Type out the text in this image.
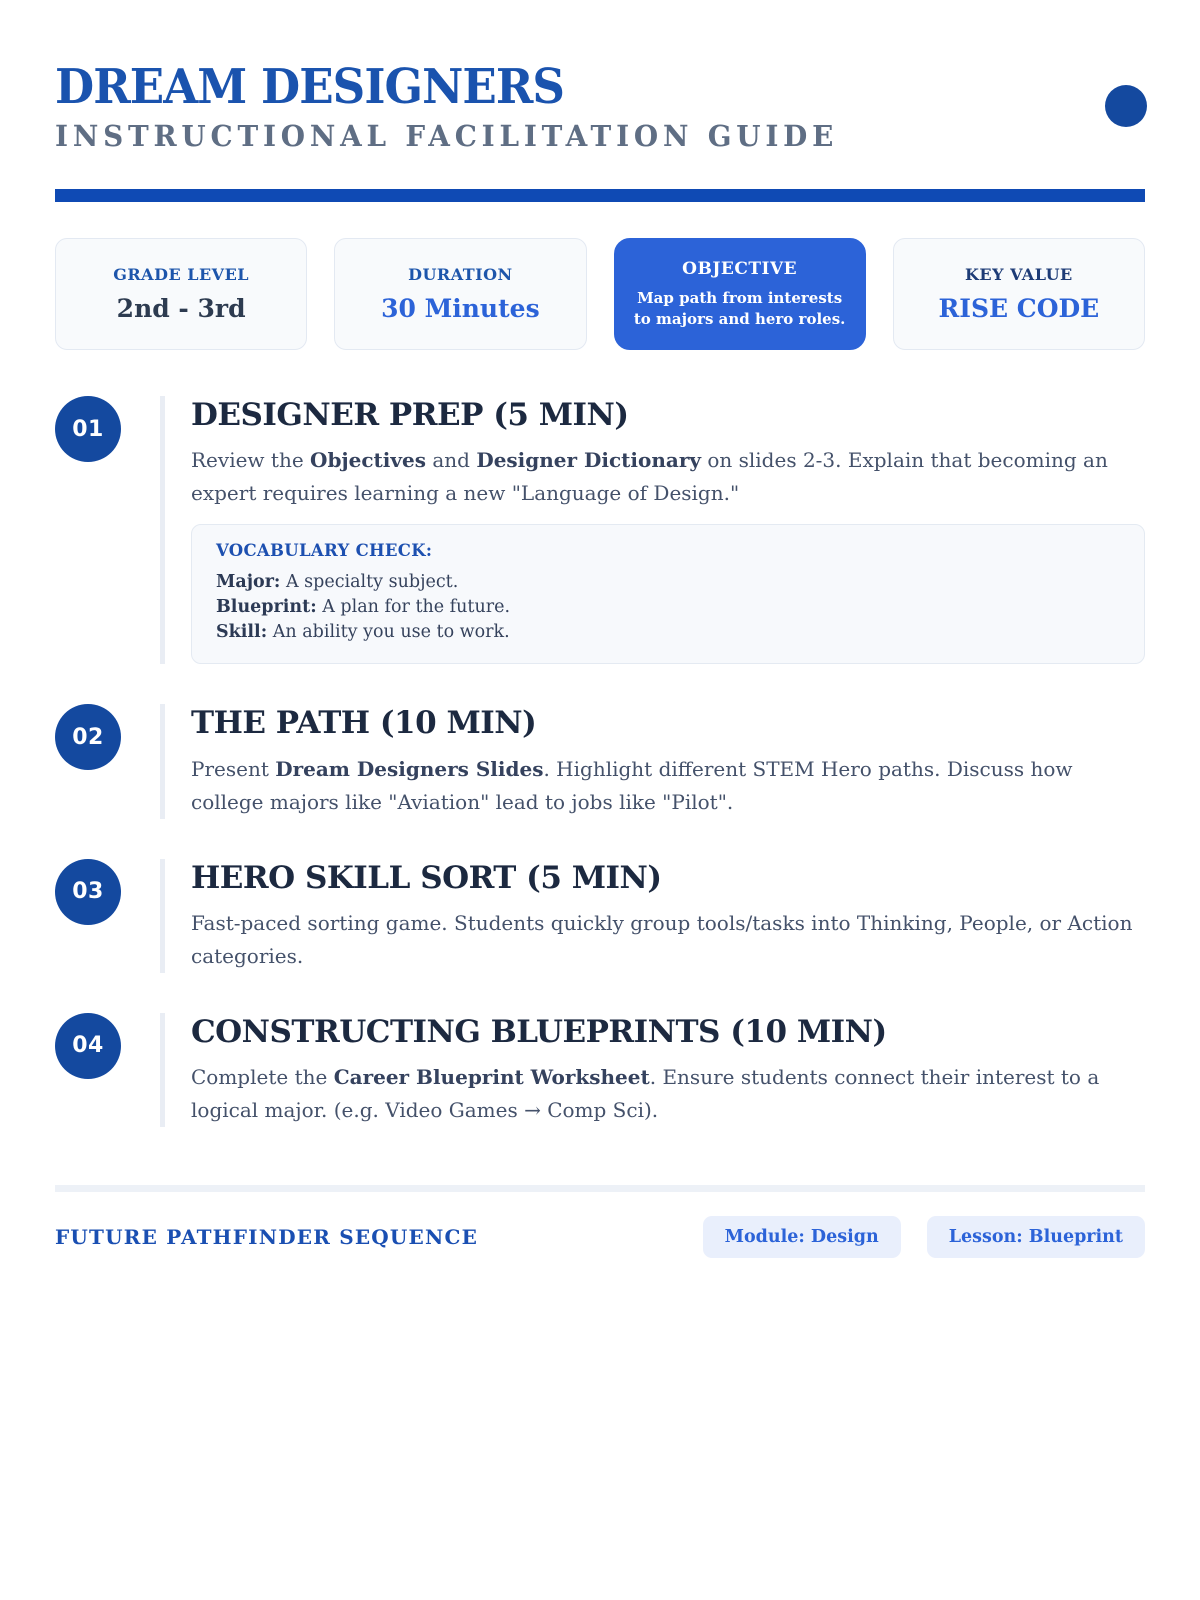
DREAM DESIGNERS
INSTRUCTIONAL FACILITATION GUIDE
GRADE LEVEL
2nd - 3rd
DURATION
30 Minutes
OBJECTIVE
Map path from interests to majors and hero roles.
KEY VALUE
RISE CODE
01	DESIGNER PREP (5 MIN)

Review the Objectives and Designer Dictionary on slides 2-3. Explain that becoming an expert requires learning a new "Language of Design."

VOCABULARY CHECK:
Major: A specialty subject.
Blueprint: A plan for the future.
Skill: An ability you use to work.
02	THE PATH (10 MIN)

Present Dream Designers Slides. Highlight different STEM Hero paths. Discuss how college majors like "Aviation" lead to jobs like "Pilot".

03	HERO SKILL SORT (5 MIN)

Fast-paced sorting game. Students quickly group tools/tasks into Thinking, People, or Action categories.

04	CONSTRUCTING BLUEPRINTS (10 MIN)

Complete the Career Blueprint Worksheet. Ensure students connect their interest to a logical major. (e.g. Video Games → Comp Sci).

FUTURE PATHFINDER SEQUENCE	Module: Design	Lesson: Blueprint
